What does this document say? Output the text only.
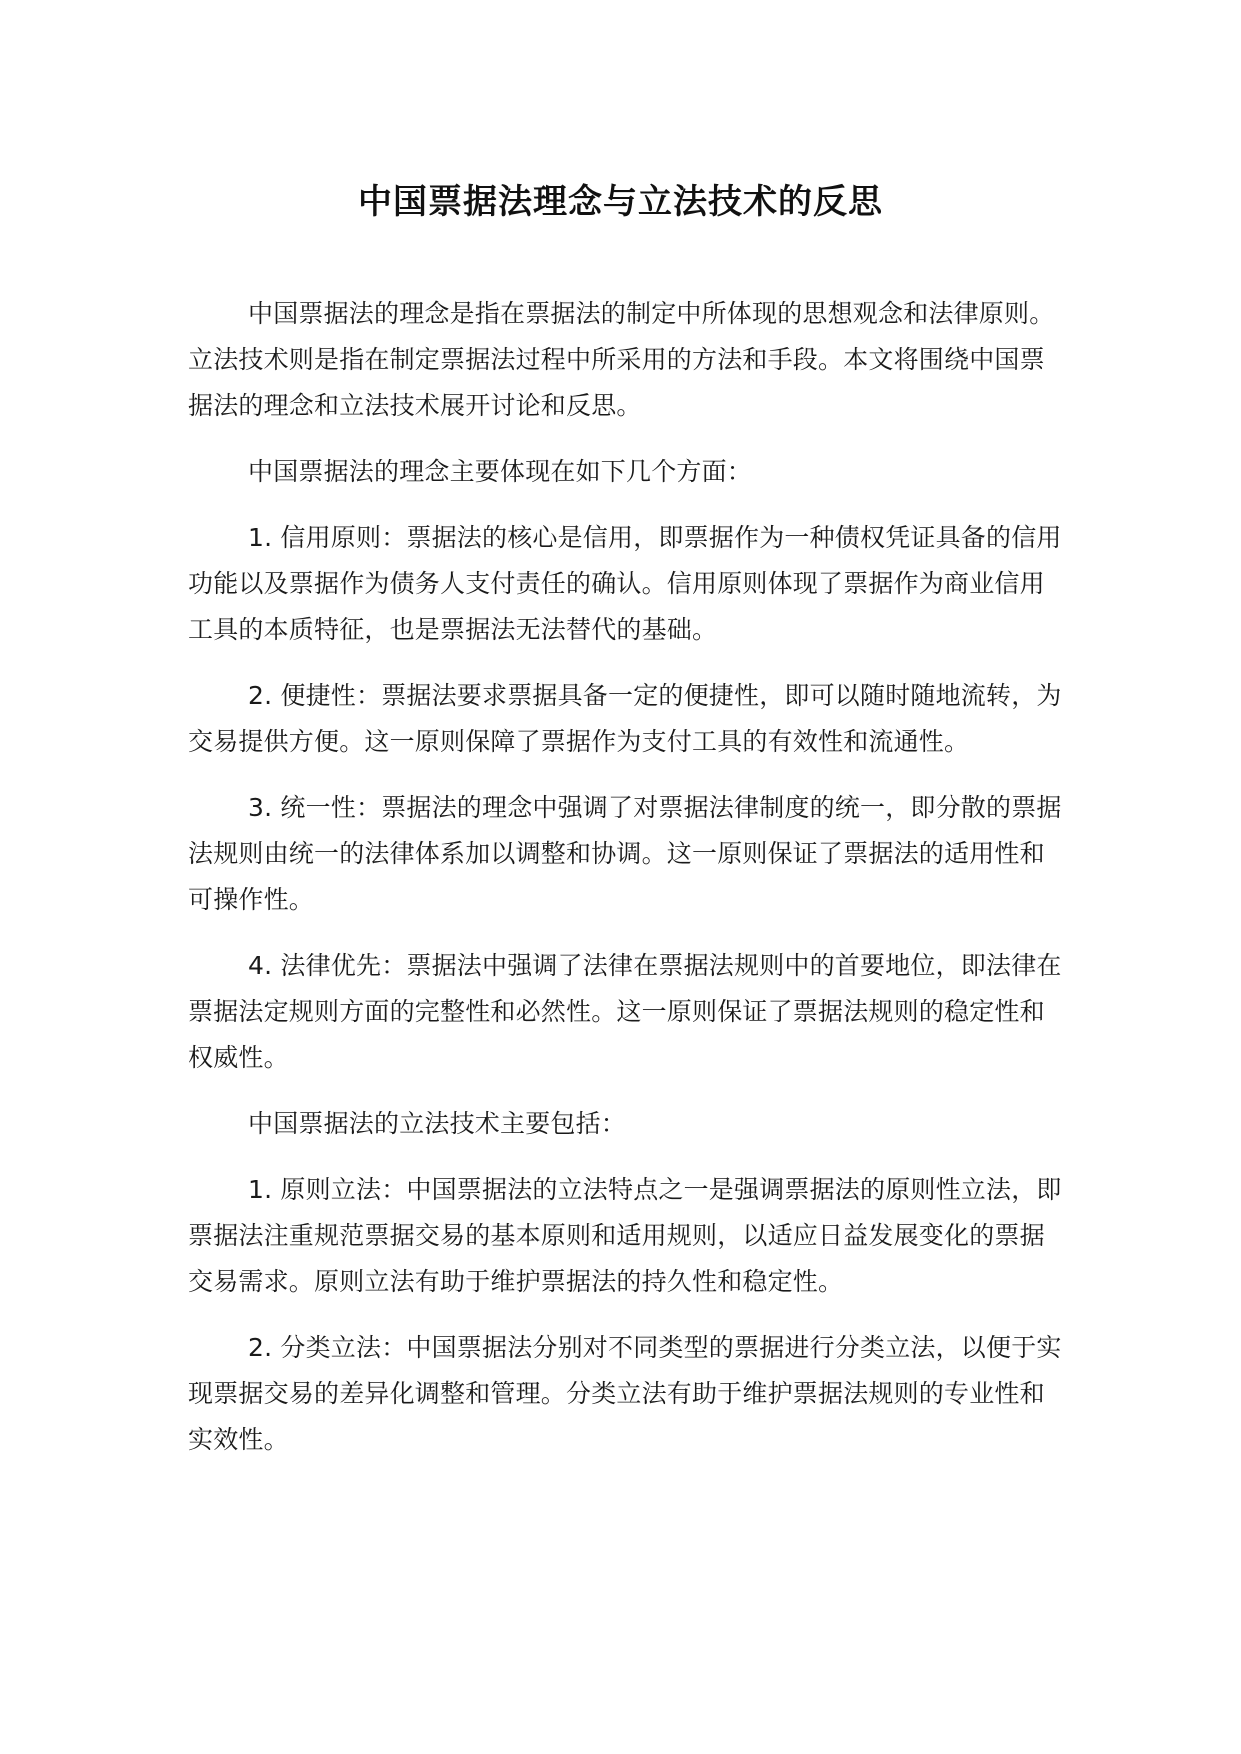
中国票据法理念与立法技术的反思

中国票据法的理念是指在票据法的制定中所体现的思想观念和法律原则。立法技术则是指在制定票据法过程中所采用的方法和手段。本文将围绕中国票据法的理念和立法技术展开讨论和反思。

中国票据法的理念主要体现在如下几个方面：

1. 信用原则：票据法的核心是信用，即票据作为一种债权凭证具备的信用功能以及票据作为债务人支付责任的确认。信用原则体现了票据作为商业信用工具的本质特征，也是票据法无法替代的基础。

2. 便捷性：票据法要求票据具备一定的便捷性，即可以随时随地流转，为交易提供方便。这一原则保障了票据作为支付工具的有效性和流通性。

3. 统一性：票据法的理念中强调了对票据法律制度的统一，即分散的票据法规则由统一的法律体系加以调整和协调。这一原则保证了票据法的适用性和可操作性。

4. 法律优先：票据法中强调了法律在票据法规则中的首要地位，即法律在票据法定规则方面的完整性和必然性。这一原则保证了票据法规则的稳定性和权威性。

中国票据法的立法技术主要包括：

1. 原则立法：中国票据法的立法特点之一是强调票据法的原则性立法，即票据法注重规范票据交易的基本原则和适用规则，以适应日益发展变化的票据交易需求。原则立法有助于维护票据法的持久性和稳定性。

2. 分类立法：中国票据法分别对不同类型的票据进行分类立法，以便于实现票据交易的差异化调整和管理。分类立法有助于维护票据法规则的专业性和实效性。
